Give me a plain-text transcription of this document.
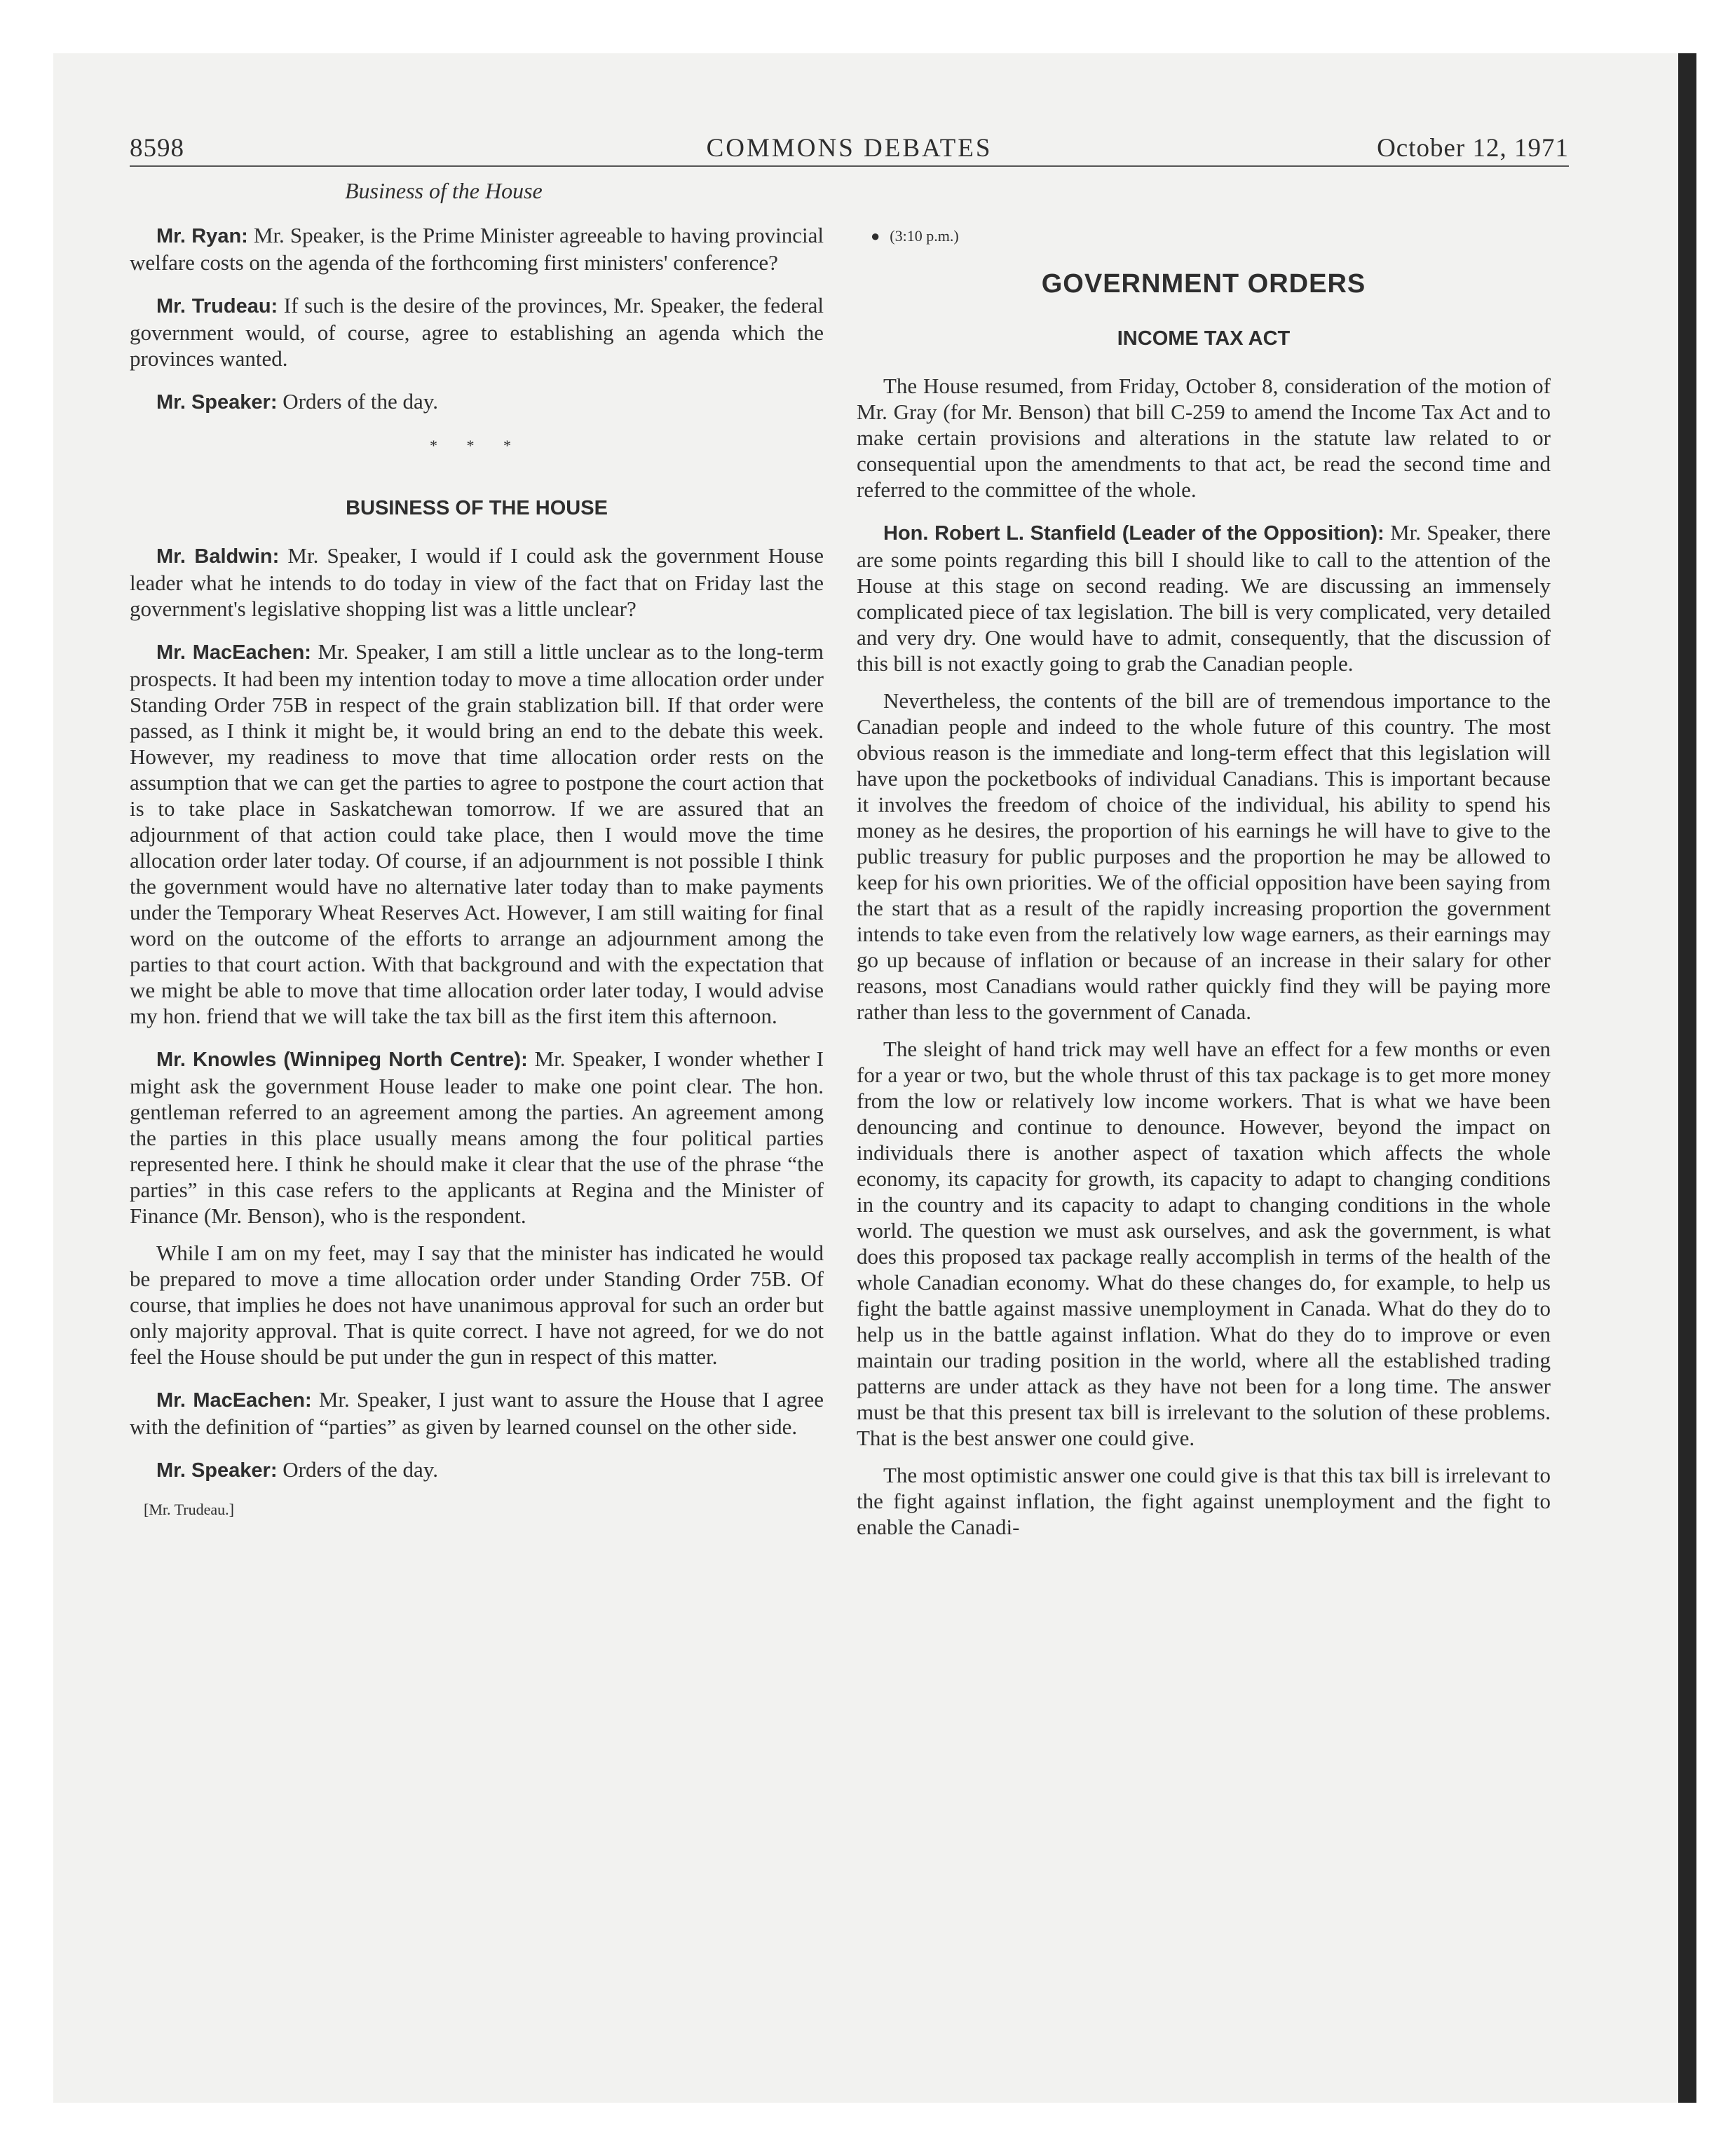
8598	COMMONS DEBATES	October 12, 1971
Business of the House

Mr. Ryan: Mr. Speaker, is the Prime Minister agreeable to having provincial welfare costs on the agenda of the forthcoming first ministers' conference?

Mr. Trudeau: If such is the desire of the provinces, Mr. Speaker, the federal government would, of course, agree to establishing an agenda which the provinces wanted.

Mr. Speaker: Orders of the day.

* * *
BUSINESS OF THE HOUSE

Mr. Baldwin: Mr. Speaker, I would if I could ask the government House leader what he intends to do today in view of the fact that on Friday last the government's legislative shopping list was a little unclear?

Mr. MacEachen: Mr. Speaker, I am still a little unclear as to the long-term prospects. It had been my intention today to move a time allocation order under Standing Order 75B in respect of the grain stablization bill. If that order were passed, as I think it might be, it would bring an end to the debate this week. However, my readiness to move that time allocation order rests on the assumption that we can get the parties to agree to postpone the court action that is to take place in Saskatchewan tomorrow. If we are assured that an adjournment of that action could take place, then I would move the time allocation order later today. Of course, if an adjournment is not possible I think the government would have no alternative later today than to make payments under the Temporary Wheat Reserves Act. However, I am still waiting for final word on the outcome of the efforts to arrange an adjournment among the parties to that court action. With that background and with the expectation that we might be able to move that time allocation order later today, I would advise my hon. friend that we will take the tax bill as the first item this afternoon.

Mr. Knowles (Winnipeg North Centre): Mr. Speaker, I wonder whether I might ask the government House leader to make one point clear. The hon. gentleman referred to an agreement among the parties. An agreement among the parties in this place usually means among the four political parties represented here. I think he should make it clear that the use of the phrase “the parties” in this case refers to the applicants at Regina and the Minister of Finance (Mr. Benson), who is the respondent.

While I am on my feet, may I say that the minister has indicated he would be prepared to move a time allocation order under Standing Order 75B. Of course, that implies he does not have unanimous approval for such an order but only majority approval. That is quite correct. I have not agreed, for we do not feel the House should be put under the gun in respect of this matter.

Mr. MacEachen: Mr. Speaker, I just want to assure the House that I agree with the definition of “parties” as given by learned counsel on the other side.

Mr. Speaker: Orders of the day.

[Mr. Trudeau.]
● (3:10 p.m.)
GOVERNMENT ORDERS
INCOME TAX ACT

The House resumed, from Friday, October 8, consideration of the motion of Mr. Gray (for Mr. Benson) that bill C-259 to amend the Income Tax Act and to make certain provisions and alterations in the statute law related to or consequential upon the amendments to that act, be read the second time and referred to the committee of the whole.

Hon. Robert L. Stanfield (Leader of the Opposition): Mr. Speaker, there are some points regarding this bill I should like to call to the attention of the House at this stage on second reading. We are discussing an immensely complicated piece of tax legislation. The bill is very complicated, very detailed and very dry. One would have to admit, consequently, that the discussion of this bill is not exactly going to grab the Canadian people.

Nevertheless, the contents of the bill are of tremendous importance to the Canadian people and indeed to the whole future of this country. The most obvious reason is the immediate and long-term effect that this legislation will have upon the pocketbooks of individual Canadians. This is important because it involves the freedom of choice of the individual, his ability to spend his money as he desires, the proportion of his earnings he will have to give to the public treasury for public purposes and the proportion he may be allowed to keep for his own priorities. We of the official opposition have been saying from the start that as a result of the rapidly increasing proportion the government intends to take even from the relatively low wage earners, as their earnings may go up because of inflation or because of an increase in their salary for other reasons, most Canadians would rather quickly find they will be paying more rather than less to the government of Canada.

The sleight of hand trick may well have an effect for a few months or even for a year or two, but the whole thrust of this tax package is to get more money from the low or relatively low income workers. That is what we have been denouncing and continue to denounce. However, beyond the impact on individuals there is another aspect of taxation which affects the whole economy, its capacity for growth, its capacity to adapt to changing conditions in the country and its capacity to adapt to changing conditions in the whole world. The question we must ask ourselves, and ask the government, is what does this proposed tax package really accomplish in terms of the health of the whole Canadian economy. What do these changes do, for example, to help us fight the battle against massive unemployment in Canada. What do they do to help us in the battle against inflation. What do they do to improve or even maintain our trading position in the world, where all the established trading patterns are under attack as they have not been for a long time. The answer must be that this present tax bill is irrelevant to the solution of these problems. That is the best answer one could give.

The most optimistic answer one could give is that this tax bill is irrelevant to the fight against inflation, the fight against unemployment and the fight to enable the Canadi-
